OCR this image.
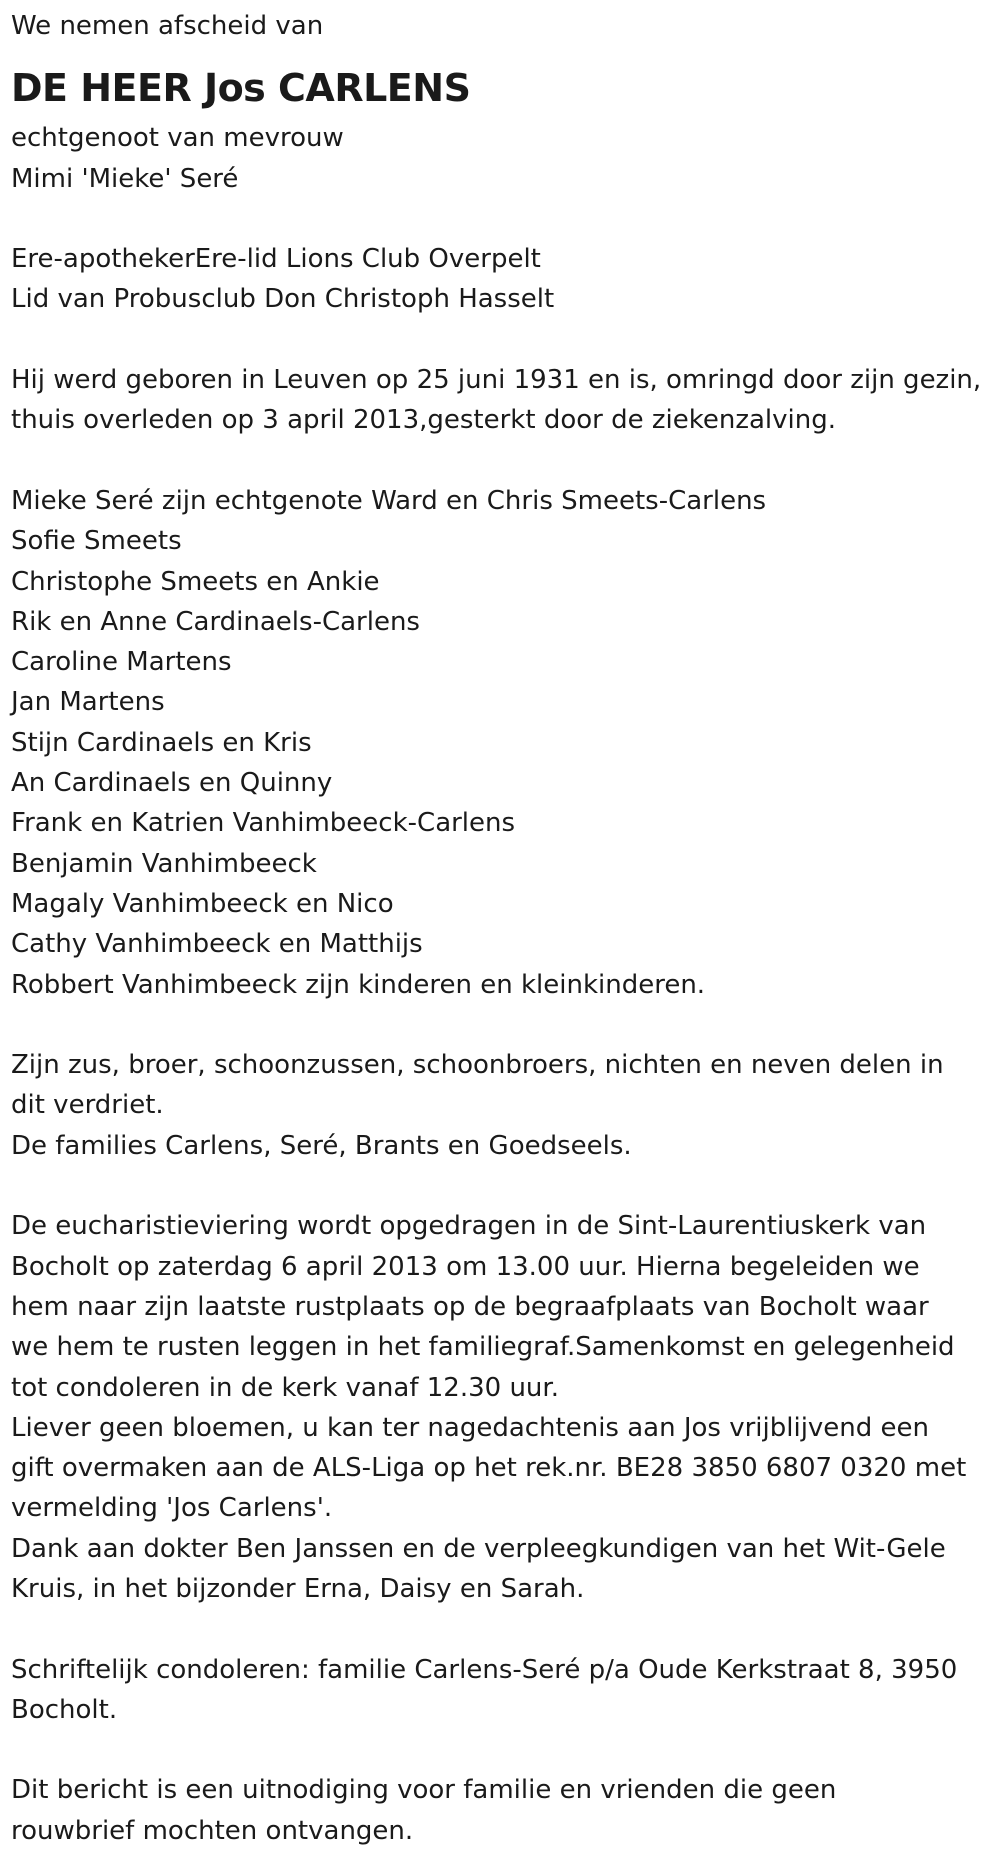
We nemen afscheid van
DE HEER Jos CARLENS
echtgenoot van mevrouw
Mimi 'Mieke' Seré
Ere-apothekerEre-lid Lions Club Overpelt
Lid van Probusclub Don Christoph Hasselt
Hij werd geboren in Leuven op 25 juni 1931 en is, omringd door zijn gezin,
thuis overleden op 3 april 2013,gesterkt door de ziekenzalving.
Mieke Seré zijn echtgenote Ward en Chris Smeets-Carlens
Sofie Smeets
Christophe Smeets en Ankie
Rik en Anne Cardinaels-Carlens
Caroline Martens
Jan Martens
Stijn Cardinaels en Kris
An Cardinaels en Quinny
Frank en Katrien Vanhimbeeck-Carlens
Benjamin Vanhimbeeck
Magaly Vanhimbeeck en Nico
Cathy Vanhimbeeck en Matthijs
Robbert Vanhimbeeck zijn kinderen en kleinkinderen.
Zijn zus, broer, schoonzussen, schoonbroers, nichten en neven delen in
dit verdriet.
De families Carlens, Seré, Brants en Goedseels.
De eucharistieviering wordt opgedragen in de Sint-Laurentiuskerk van
Bocholt op zaterdag 6 april 2013 om 13.00 uur. Hierna begeleiden we
hem naar zijn laatste rustplaats op de begraafplaats van Bocholt waar
we hem te rusten leggen in het familiegraf.Samenkomst en gelegenheid
tot condoleren in de kerk vanaf 12.30 uur.
Liever geen bloemen, u kan ter nagedachtenis aan Jos vrijblijvend een
gift overmaken aan de ALS-Liga op het rek.nr. BE28 3850 6807 0320 met
vermelding 'Jos Carlens'.
Dank aan dokter Ben Janssen en de verpleegkundigen van het Wit-Gele
Kruis, in het bijzonder Erna, Daisy en Sarah.
Schriftelijk condoleren: familie Carlens-Seré p/a Oude Kerkstraat 8, 3950
Bocholt.
Dit bericht is een uitnodiging voor familie en vrienden die geen
rouwbrief mochten ontvangen.
